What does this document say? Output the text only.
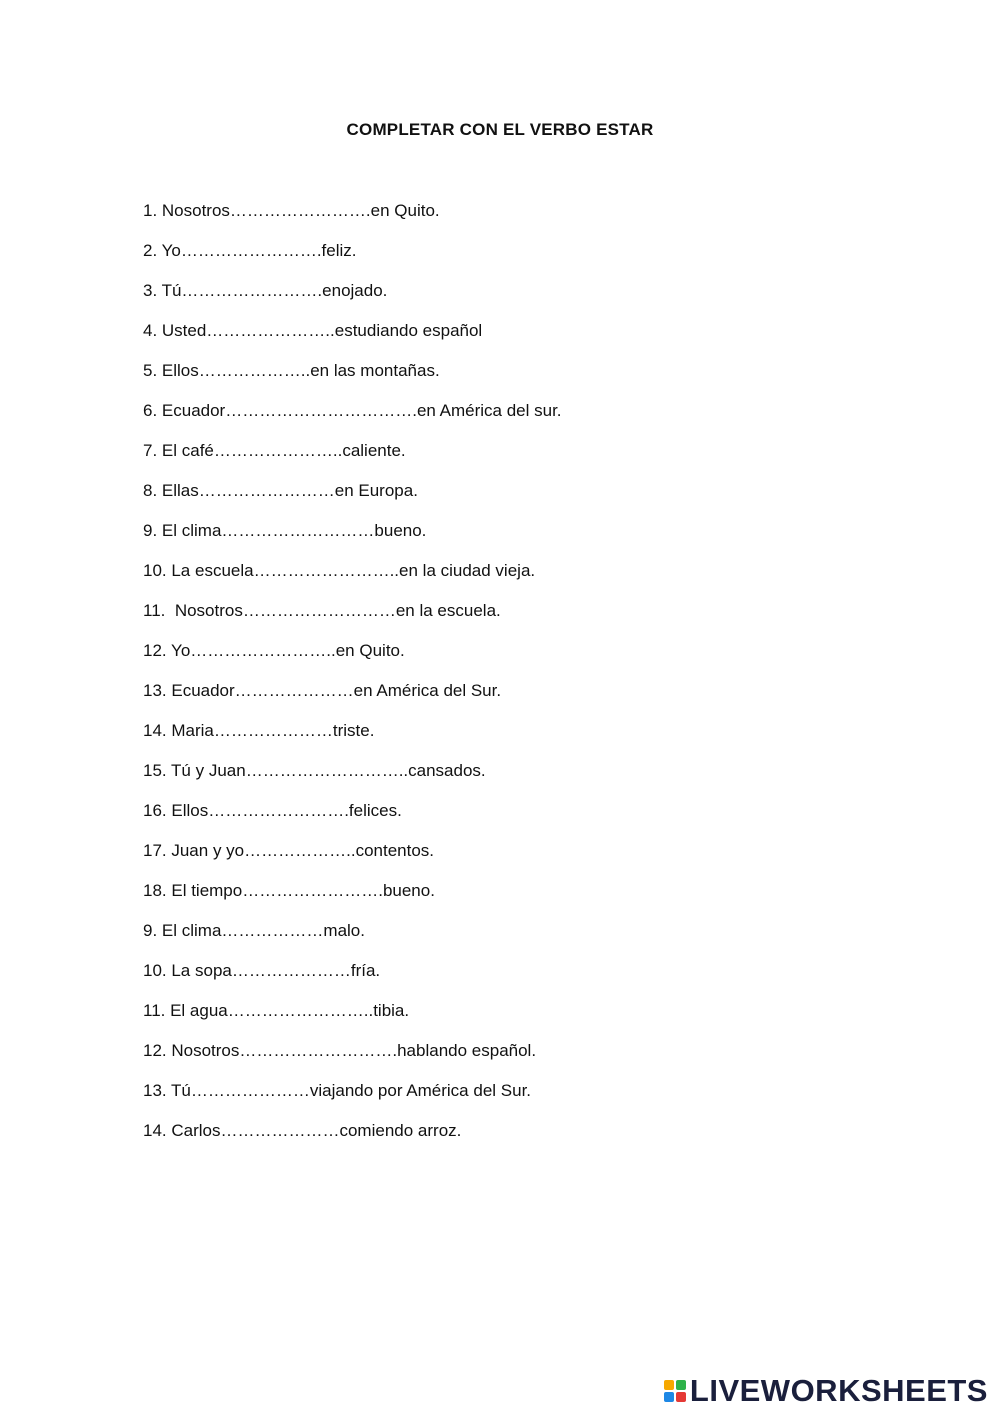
COMPLETAR CON EL VERBO ESTAR
1. Nosotros…………………….en Quito.
2. Yo…………………….feliz.
3. Tú…………………….enojado.
4. Usted…………………..estudiando español
5. Ellos………………..en las montañas.
6. Ecuador…………………………….en América del sur.
7. El café…………………..caliente.
8. Ellas……………………en Europa.
9. El clima………………………bueno.
10. La escuela……………………..en la ciudad vieja.
11.  Nosotros………………………en la escuela.
12. Yo……………………..en Quito.
13. Ecuador…………………en América del Sur.
14. Maria…………………triste.
15. Tú y Juan………………………..cansados.
16. Ellos…………………….felices.
17. Juan y yo………………..contentos.
18. El tiempo…………………….bueno.
9. El clima………………malo.
10. La sopa…………………fría.
11. El agua……………………..tibia.
12. Nosotros……………………….hablando español.
13. Tú…………………viajando por América del Sur.
14. Carlos…………………comiendo arroz.
LIVEWORKSHEETS
